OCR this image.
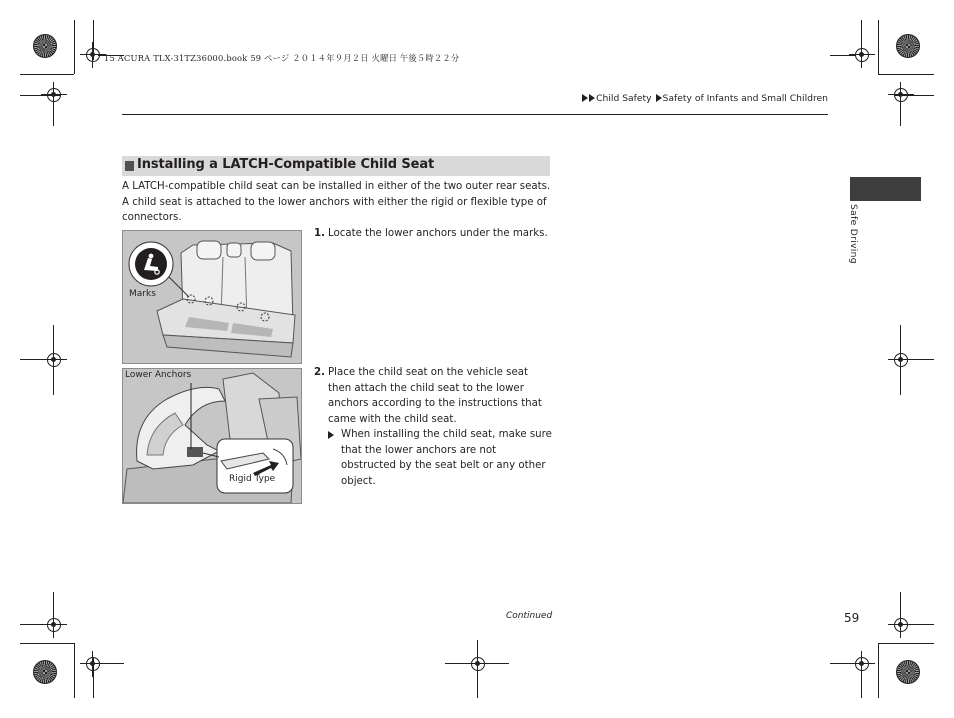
15 ACURA TLX-31TZ36000.book 59 ページ ２０１４年９月２日 火曜日 午後５時２２分
Child Safety Safety of Infants and Small Children
Safe Driving
Installing a LATCH-Compatible Child Seat
A LATCH-compatible child seat can be installed in either of the two outer rear seats. A child seat is attached to the lower anchors with either the rigid or flexible type of connectors.
Marks
Lower Anchors
Rigid Type
1. Locate the lower anchors under the marks.
2. Place the child seat on the vehicle seat then attach the child seat to the lower anchors according to the instructions that came with the child seat.
When installing the child seat, make sure that the lower anchors are not obstructed by the seat belt or any other object.
Continued	59
